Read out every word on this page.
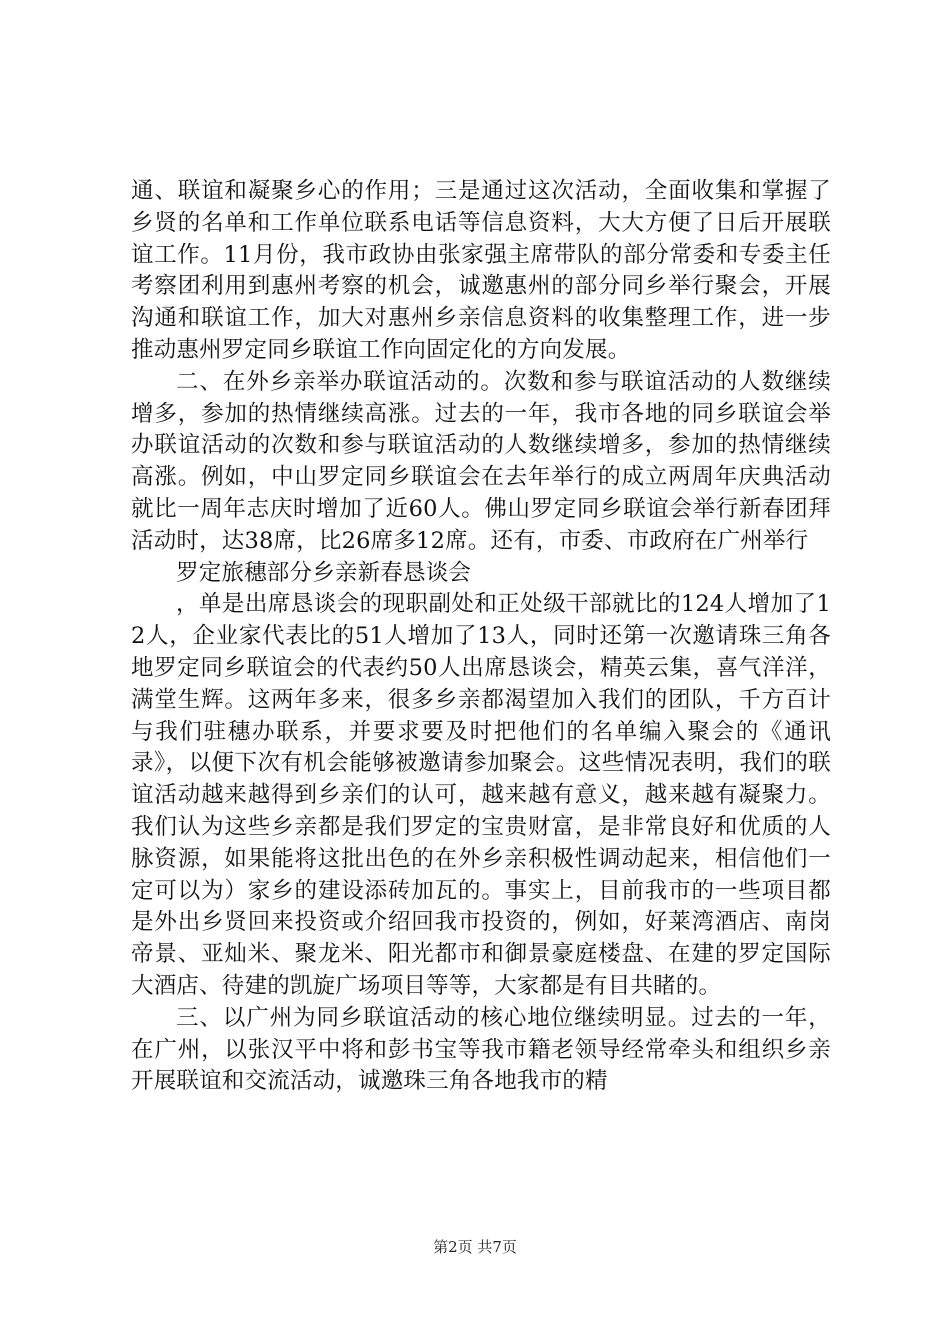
通、联谊和凝聚乡心的作用；三是通过这次活动，全面收集和掌握了乡贤的名单和工作单位联系电话等信息资料，大大方便了日后开展联谊工作。11月份，我市政协由张家强主席带队的部分常委和专委主任考察团利用到惠州考察的机会，诚邀惠州的部分同乡举行聚会，开展沟通和联谊工作，加大对惠州乡亲信息资料的收集整理工作，进一步推动惠州罗定同乡联谊工作向固定化的方向发展。

二、在外乡亲举办联谊活动的。次数和参与联谊活动的人数继续增多，参加的热情继续高涨。过去的一年，我市各地的同乡联谊会举办联谊活动的次数和参与联谊活动的人数继续增多，参加的热情继续高涨。例如，中山罗定同乡联谊会在去年举行的成立两周年庆典活动就比一周年志庆时增加了近60人。佛山罗定同乡联谊会举行新春团拜活动时，达38席，比26席多12席。还有，市委、市政府在广州举行

罗定旅穗部分乡亲新春恳谈会

，单是出席恳谈会的现职副处和正处级干部就比的124人增加了12人，企业家代表比的51人增加了13人，同时还第一次邀请珠三角各地罗定同乡联谊会的代表约50人出席恳谈会，精英云集，喜气洋洋，满堂生辉。这两年多来，很多乡亲都渴望加入我们的团队，千方百计与我们驻穗办联系，并要求要及时把他们的名单编入聚会的《通讯录》，以便下次有机会能够被邀请参加聚会。这些情况表明，我们的联谊活动越来越得到乡亲们的认可，越来越有意义，越来越有凝聚力。我们认为这些乡亲都是我们罗定的宝贵财富，是非常良好和优质的人脉资源，如果能将这批出色的在外乡亲积极性调动起来，相信他们一定可以为）家乡的建设添砖加瓦的。事实上，目前我市的一些项目都是外出乡贤回来投资或介绍回我市投资的，例如，好莱湾酒店、南岗帝景、亚灿米、聚龙米、阳光都市和御景豪庭楼盘、在建的罗定国际大酒店、待建的凯旋广场项目等等，大家都是有目共睹的。

三、以广州为同乡联谊活动的核心地位继续明显。过去的一年，在广州，以张汉平中将和彭书宝等我市籍老领导经常牵头和组织乡亲开展联谊和交流活动，诚邀珠三角各地我市的精

第2页 共7页
